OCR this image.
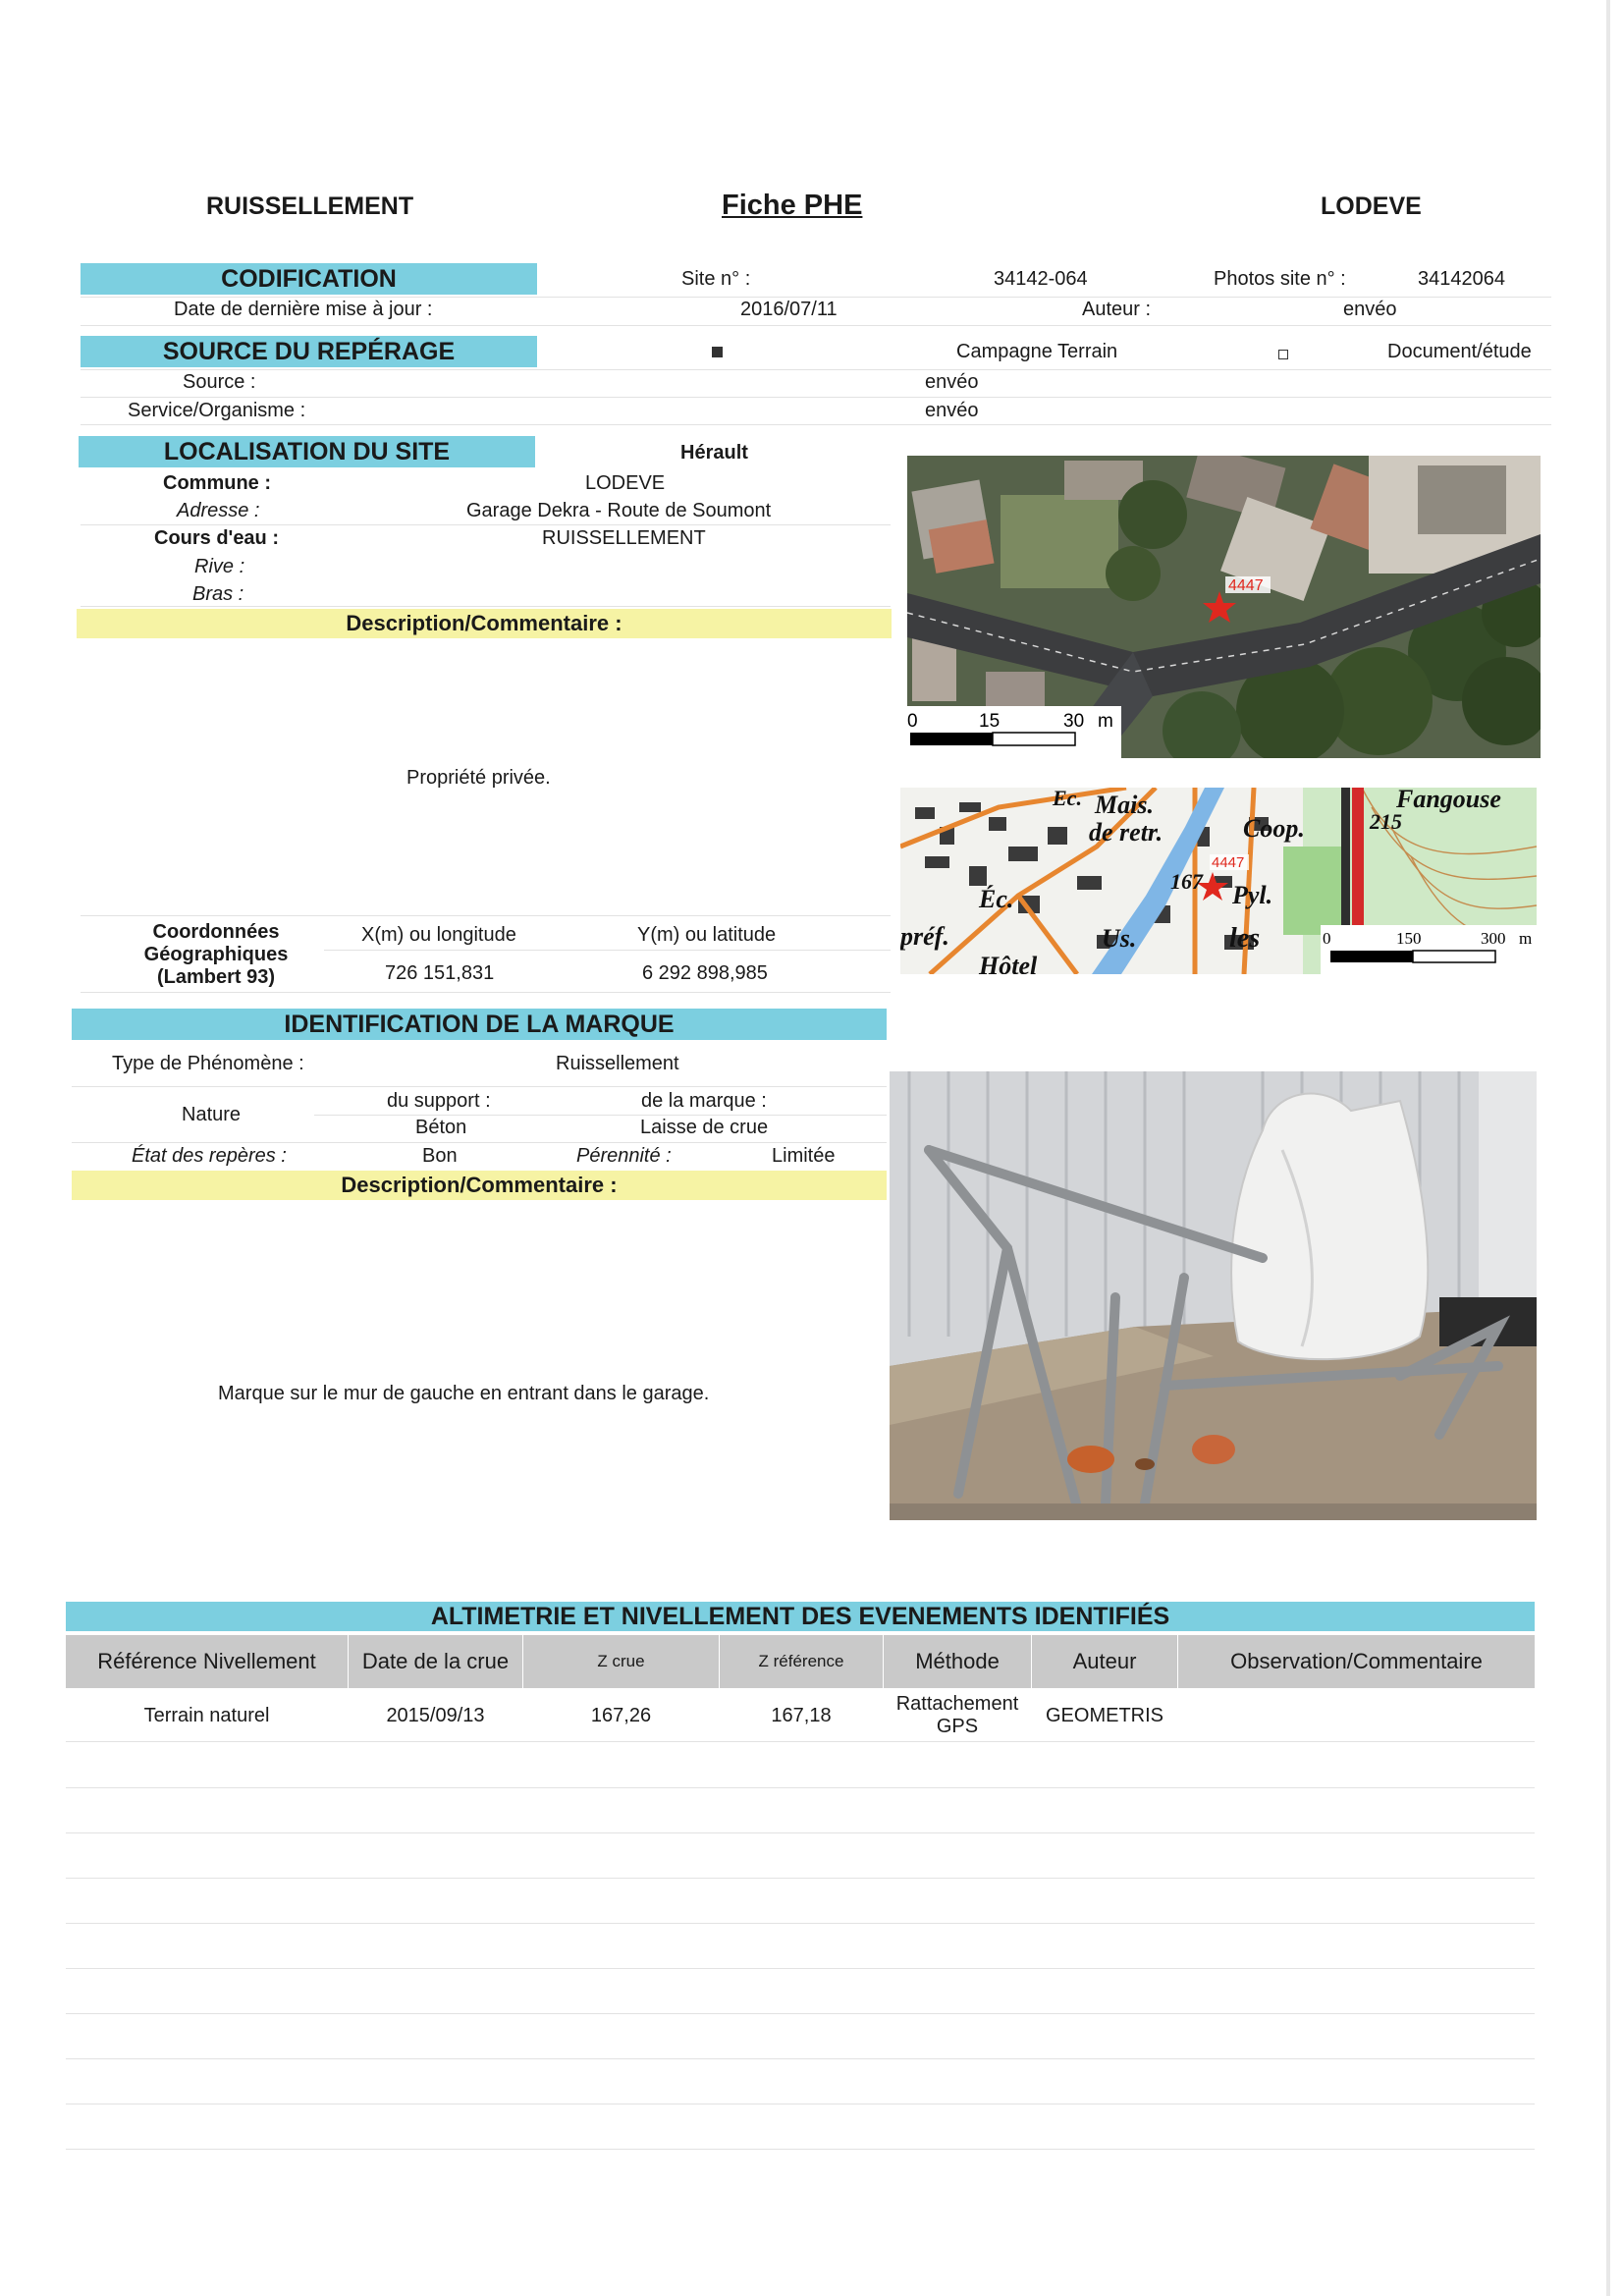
RUISSELLEMENT	Fiche PHE	LODEVE
CODIFICATION	Site n° :	34142-064	Photos site n° :	34142064
Date de dernière mise à jour :	2016/07/11	Auteur :	envéo
SOURCE DU REPÉRAGE	Campagne Terrain	Document/étude
Source :	envéo
Service/Organisme :	envéo
LOCALISATION DU SITE	Hérault
Commune :	LODEVE
Adresse :	Garage Dekra - Route de Soumont
Cours d'eau :	RUISSELLEMENT
Rive :
Bras :
Description/Commentaire :
Propriété privée.
Coordonnées
Géographiques
(Lambert 93)
X(m) ou longitude	Y(m) ou latitude
726 151,831	6 292 898,985
4447
0	15	30 m
Ec. Mais.
de retr.	Coop.
167 Pyl.
Éc.
préf.	Us.	les
Hôtel
Fangouse
215
4447
0	150	300 m
IDENTIFICATION DE LA MARQUE
Type de Phénomène :	Ruissellement
Nature
du support :	de la marque :
Béton	Laisse de crue
État des repères :	Bon	Pérennité :	Limitée
Description/Commentaire :
Marque sur le mur de gauche en entrant dans le garage.
ALTIMETRIE ET NIVELLEMENT DES EVENEMENTS IDENTIFIÉS
Référence Nivellement	Date de la crue	Z crue	Z référence	Méthode	Auteur	Observation/Commentaire
Terrain naturel	2015/09/13	167,26	167,18
Rattachement
GPS	GEOMETRIS
